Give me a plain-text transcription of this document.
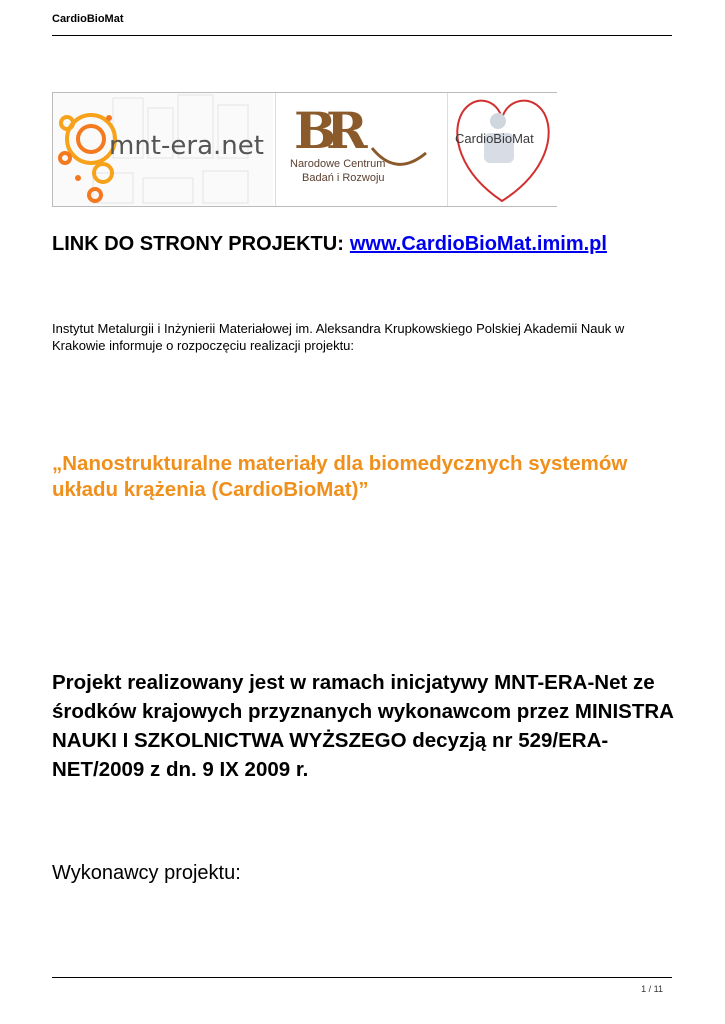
CardioBioMat
mnt-era.net B
R
Narodowe Centrum
Badań i Rozwoju
CardioBioMat
LINK DO STRONY PROJEKTU: www.CardioBioMat.imim.pl
Instytut Metalurgii i Inżynierii Materiałowej im. Aleksandra Krupkowskiego Polskiej Akademii Nauk w Krakowie informuje o rozpoczęciu realizacji projektu:
„Nanostrukturalne materiały dla biomedycznych systemów układu krążenia (CardioBioMat)”
Projekt realizowany jest w ramach inicjatywy MNT-ERA-Net ze środków krajowych przyznanych wykonawcom przez MINISTRA NAUKI I SZKOLNICTWA WYŻSZEGO decyzją nr 529/ERA-NET/2009 z dn. 9 IX 2009 r.
Wykonawcy projektu:
1 / 11
